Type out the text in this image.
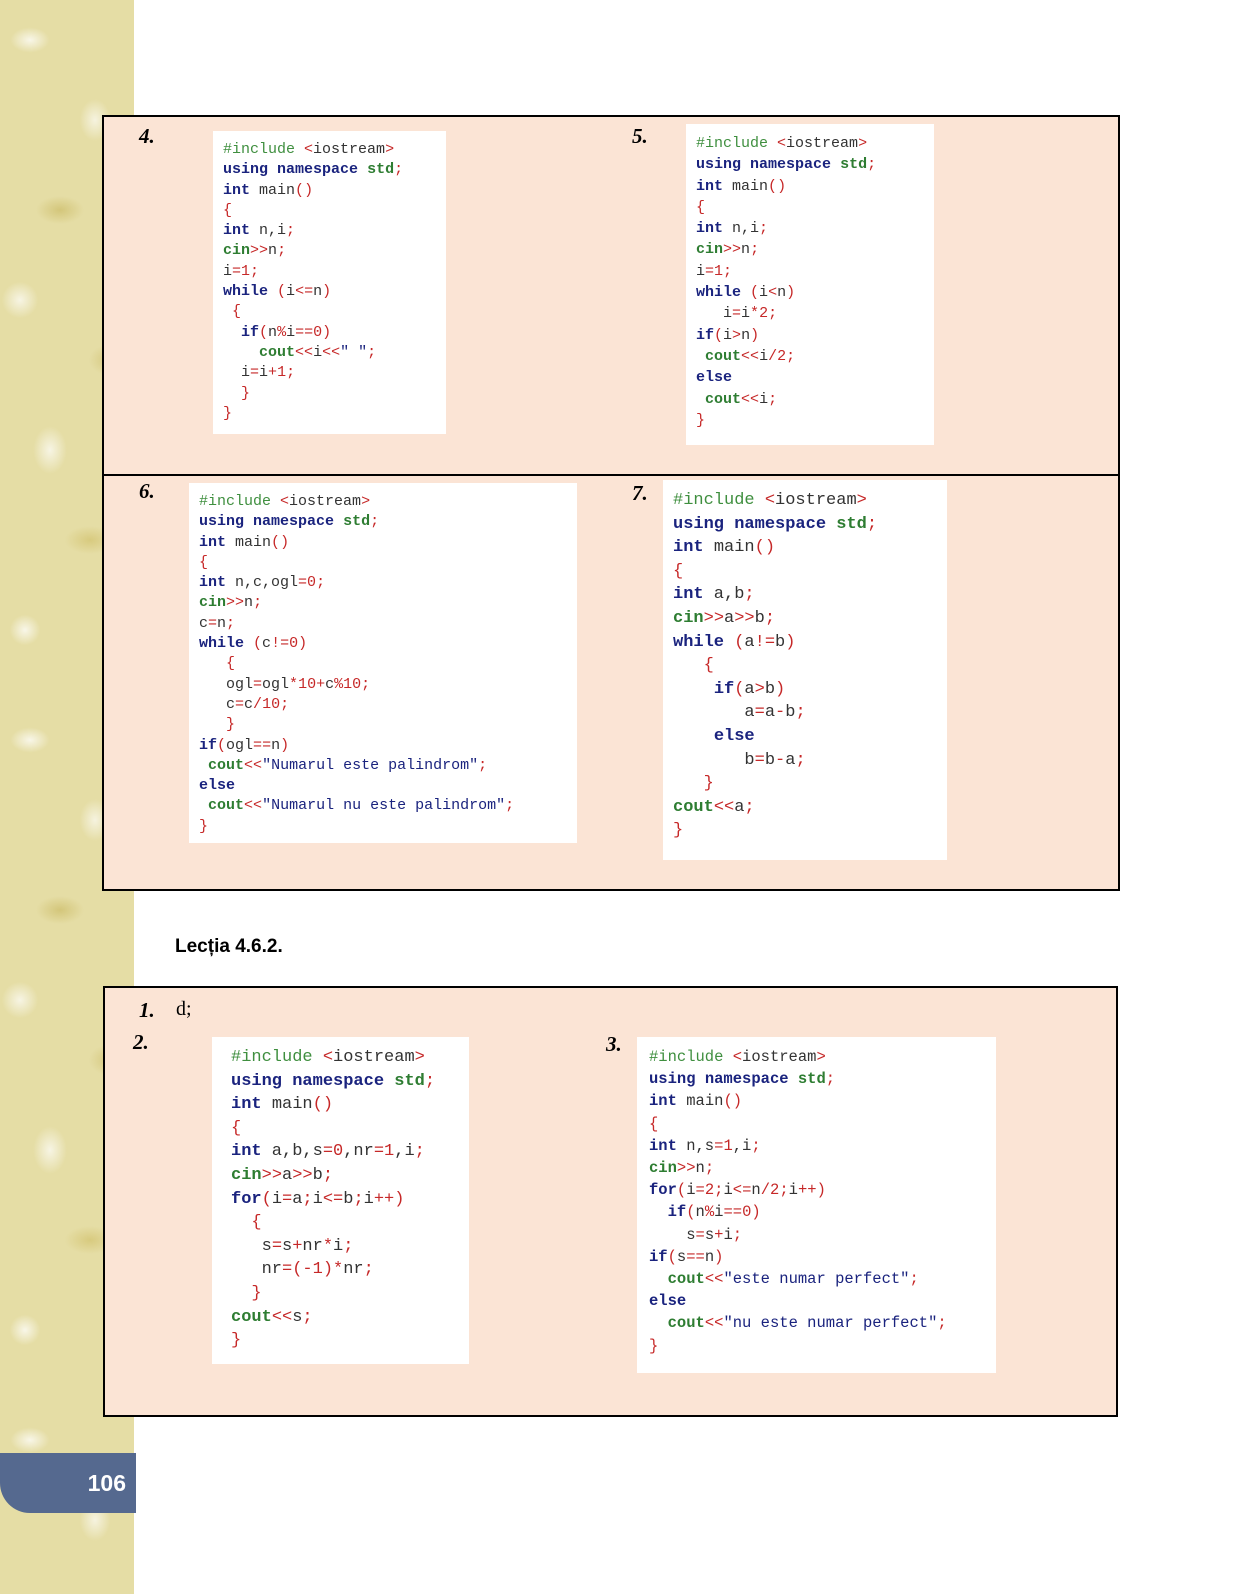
4.
#include <iostream>
using namespace std;
int main()
{
int n,i;
cin>>n;
i=1;
while (i<=n)
{
if(n%i==0)
cout<<i<<" ";
i=i+1;
}
}
5.	#include <iostream>
using namespace std;
int main()
{
int n,i;
cin>>n;
i=1;
while (i<n)
i=i*2;
if(i>n)
cout<<i/2;
else
cout<<i;
}
6.	#include <iostream>
using namespace std;
int main()
{
int n,c,ogl=0;
cin>>n;
c=n;
while (c!=0)
{
ogl=ogl*10+c%10;
c=c/10;
}
if(ogl==n)
cout<<"Numarul este palindrom";
else
cout<<"Numarul nu este palindrom";
}
7. #include <iostream>
using namespace std;
int main()
{
int a,b;
cin>>a>>b;
while (a!=b)
{
if(a>b)
a=a-b;
else
b=b-a;
}
cout<<a;
}
Lecția 4.6.2.
1. d;
2.
#include <iostream>
using namespace std;
int main()
{
int a,b,s=0,nr=1,i;
cin>>a>>b;
for(i=a;i<=b;i++)
{
s=s+nr*i;
nr=(-1)*nr;
}
cout<<s;
}
3.
#include <iostream>
using namespace std;
int main()
{
int n,s=1,i;
cin>>n;
for(i=2;i<=n/2;i++)
if(n%i==0)
s=s+i;
if(s==n)
cout<<"este numar perfect";
else
cout<<"nu este numar perfect";
}
106
